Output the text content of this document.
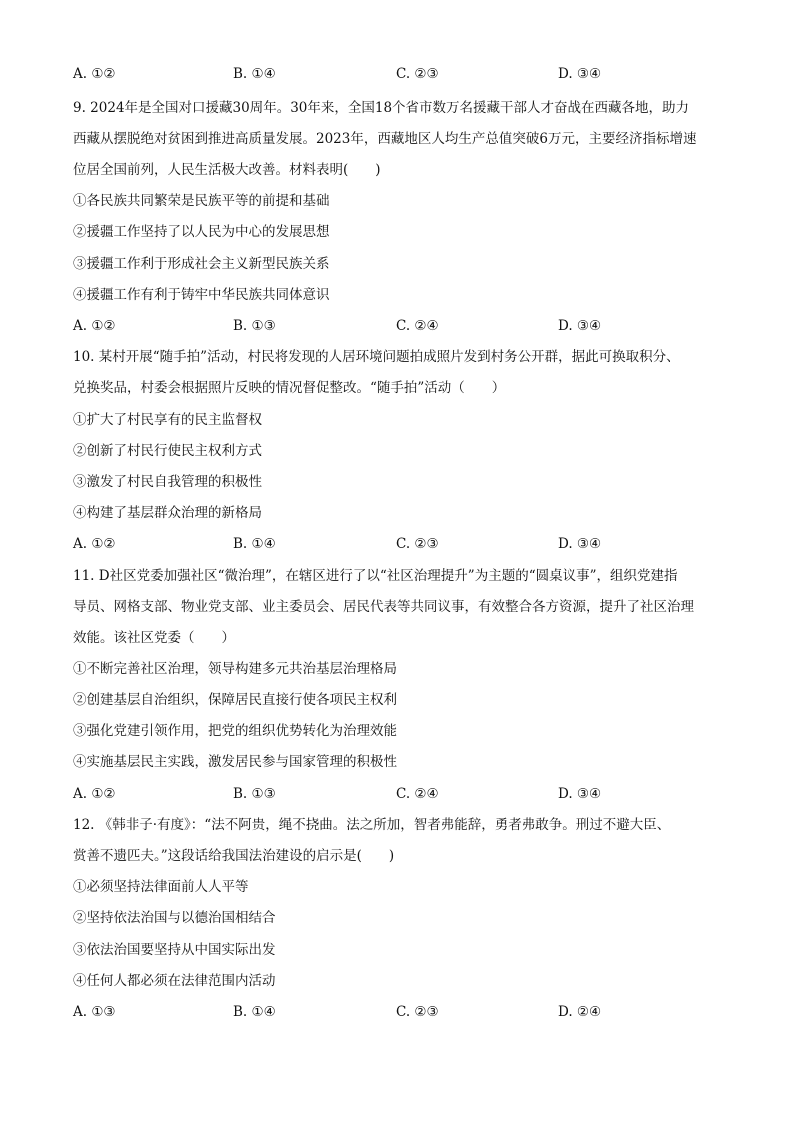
A. ①②	B. ①④	C. ②③	D. ③④
9. 2024年是全国对口援藏30周年。30年来，全国18个省市数万名援藏干部人才奋战在西藏各地，助力
西藏从摆脱绝对贫困到推进高质量发展。2023年，西藏地区人均生产总值突破6万元，主要经济指标增速
位居全国前列，人民生活极大改善。材料表明(　　)
①各民族共同繁荣是民族平等的前提和基础
②援疆工作坚持了以人民为中心的发展思想
③援疆工作利于形成社会主义新型民族关系
④援疆工作有利于铸牢中华民族共同体意识
A. ①②	B. ①③	C. ②④	D. ③④
10. 某村开展“随手拍”活动，村民将发现的人居环境问题拍成照片发到村务公开群，据此可换取积分、
兑换奖品，村委会根据照片反映的情况督促整改。“随手拍”活动（　　）
①扩大了村民享有的民主监督权
②创新了村民行使民主权利方式
③激发了村民自我管理的积极性
④构建了基层群众治理的新格局
A. ①②	B. ①④	C. ②③	D. ③④
11. D社区党委加强社区“微治理”，在辖区进行了以“社区治理提升”为主题的“圆桌议事”，组织党建指
导员、网格支部、物业党支部、业主委员会、居民代表等共同议事，有效整合各方资源，提升了社区治理
效能。该社区党委（　　）
①不断完善社区治理，领导构建多元共治基层治理格局
②创建基层自治组织，保障居民直接行使各项民主权利
③强化党建引领作用，把党的组织优势转化为治理效能
④实施基层民主实践，激发居民参与国家管理的积极性
A. ①②	B. ①③	C. ②④	D. ③④
12. 《韩非子·有度》：“法不阿贵，绳不挠曲。法之所加，智者弗能辞，勇者弗敢争。刑过不避大臣、
赏善不遗匹夫。”这段话给我国法治建设的启示是(　　)
①必须坚持法律面前人人平等
②坚持依法治国与以德治国相结合
③依法治国要坚持从中国实际出发
④任何人都必须在法律范围内活动
A. ①③	B. ①④	C. ②③	D. ②④
